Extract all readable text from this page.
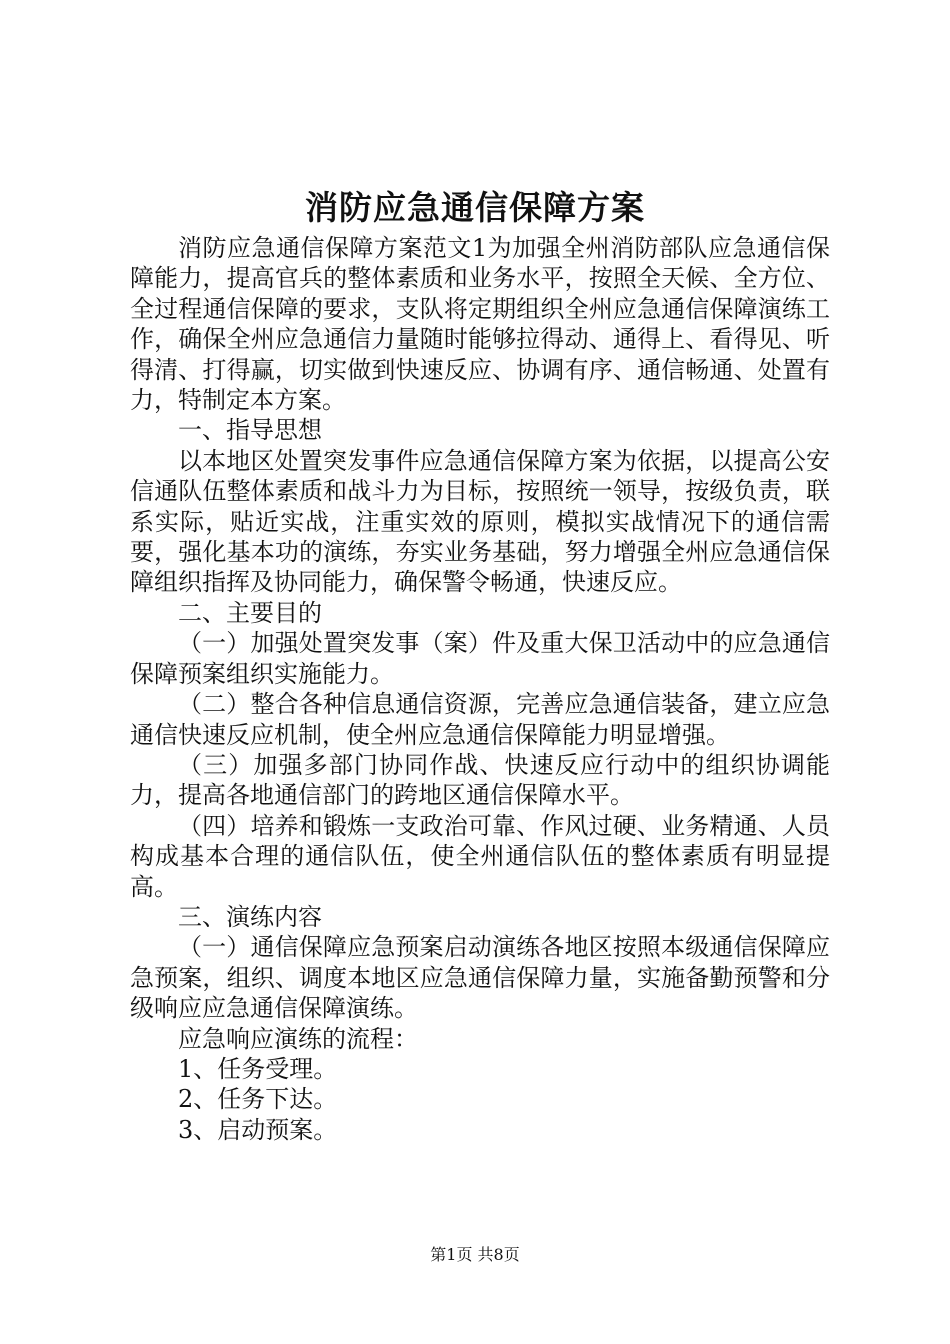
消防应急通信保障方案

消防应急通信保障方案范文1为加强全州消防部队应急通信保障能力，提高官兵的整体素质和业务水平，按照全天候、全方位、全过程通信保障的要求，支队将定期组织全州应急通信保障演练工作，确保全州应急通信力量随时能够拉得动、通得上、看得见、听得清、打得赢，切实做到快速反应、协调有序、通信畅通、处置有力，特制定本方案。

一、指导思想

以本地区处置突发事件应急通信保障方案为依据，以提高公安信通队伍整体素质和战斗力为目标，按照统一领导，按级负责，联系实际，贴近实战，注重实效的原则，模拟实战情况下的通信需要，强化基本功的演练，夯实业务基础，努力增强全州应急通信保障组织指挥及协同能力，确保警令畅通，快速反应。

二、主要目的

（一）加强处置突发事（案）件及重大保卫活动中的应急通信保障预案组织实施能力。

（二）整合各种信息通信资源，完善应急通信装备，建立应急通信快速反应机制，使全州应急通信保障能力明显增强。

（三）加强多部门协同作战、快速反应行动中的组织协调能力，提高各地通信部门的跨地区通信保障水平。

（四）培养和锻炼一支政治可靠、作风过硬、业务精通、人员构成基本合理的通信队伍，使全州通信队伍的整体素质有明显提高。

三、演练内容

（一）通信保障应急预案启动演练各地区按照本级通信保障应急预案，组织、调度本地区应急通信保障力量，实施备勤预警和分级响应应急通信保障演练。

应急响应演练的流程：

1、任务受理。

2、任务下达。

3、启动预案。

第1页 共8页
